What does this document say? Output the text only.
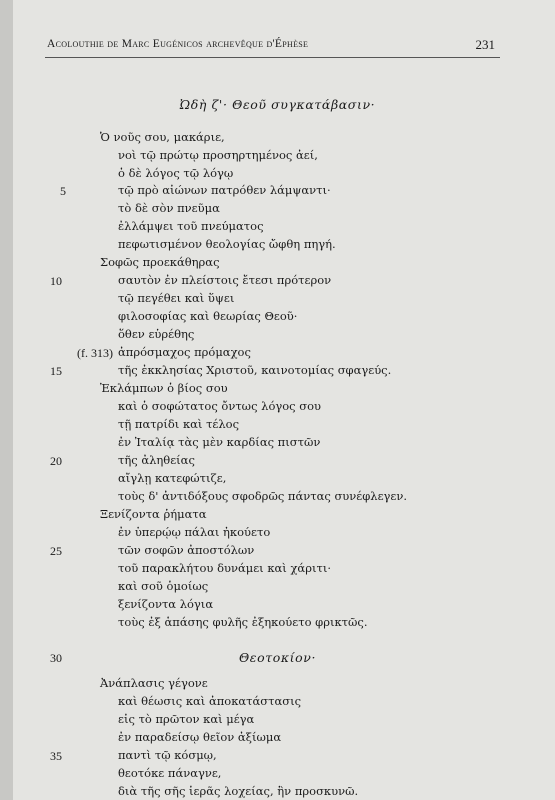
Acolouthie de Marc Eugénicos archevêque d'Éphèse	231
Ὠδὴ ζ'· Θεοῦ συγκατάβασιν·
Ὁ νοῦς σου, μακάριε,
νοὶ τῷ πρώτῳ προσηρτημένος ἀεί,
ὁ δὲ λόγος τῷ λόγῳ
τῷ πρὸ αἰώνων πατρόθεν λάμψαντι·
τὸ δὲ σὸν πνεῦμα
ἐλλάμψει τοῦ πνεύματος
πεφωτισμένον θεολογίας ὤφθη πηγή.
Σοφῶς προεκάθηρας
σαυτὸν ἐν πλείστοις ἔτεσι πρότερον
τῷ πεγέθει καὶ ὕψει
φιλοσοφίας καὶ θεωρίας Θεοῦ·
ὅθεν εὑρέθης
ἀπρόσμαχος πρόμαχος
τῆς ἐκκλησίας Χριστοῦ, καινοτομίας σφαγεύς.
Ἐκλάμπων ὁ βίος σου
καὶ ὁ σοφώτατος ὄντως λόγος σου
τῇ πατρίδι καὶ τέλος
ἐν Ἰταλίᾳ τὰς μὲν καρδίας πιστῶν
τῆς ἀληθείας
αἴγλῃ κατεφώτιζε,
τοὺς δ' ἀντιδόξους σφοδρῶς πάντας συνέφλεγεν.
Ξενίζοντα ῥήματα
ἐν ὑπερῴῳ πάλαι ἠκούετο
τῶν σοφῶν ἀποστόλων
τοῦ παρακλήτου δυνάμει καὶ χάριτι·
καὶ σοῦ ὁμοίως
ξενίζοντα λόγια
τοὺς ἐξ ἁπάσης φυλῆς ἐξηκούετο φρικτῶς.
Θεοτοκίον·
Ἀνάπλασις γέγονε
καὶ θέωσις καὶ ἀποκατάστασις
εἰς τὸ πρῶτον καὶ μέγα
ἐν παραδείσῳ θεῖον ἀξίωμα
παντὶ τῷ κόσμῳ,
θεοτόκε πάναγνε,
διὰ τῆς σῆς ἱερᾶς λοχείας, ἣν προσκυνῶ.
5
10
15
20
25
30
35
(f. 313)
